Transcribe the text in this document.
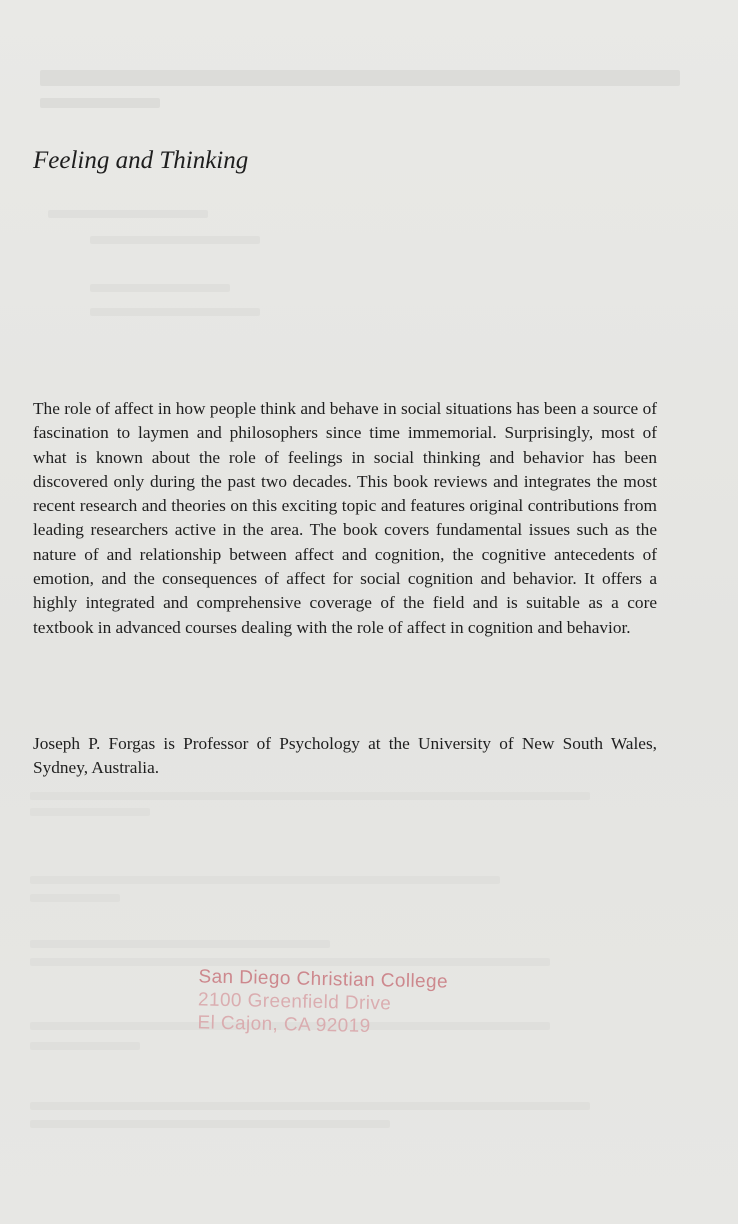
Feeling and Thinking

The role of affect in how people think and behave in social situations has been a source of fascination to laymen and philosophers since time immemorial. Surprisingly, most of what is known about the role of feelings in social thinking and behavior has been discovered only during the past two decades. This book reviews and integrates the most recent research and theories on this exciting topic and features original contributions from leading researchers active in the area. The book covers fundamental issues such as the nature of and relationship between affect and cognition, the cognitive antecedents of emotion, and the consequences of affect for social cognition and behavior. It offers a highly integrated and comprehensive coverage of the field and is suitable as a core textbook in advanced courses dealing with the role of affect in cognition and behavior.

Joseph P. Forgas is Professor of Psychology at the University of New South Wales, Sydney, Australia.

San Diego Christian College
2100 Greenfield Drive
El Cajon, CA 92019
